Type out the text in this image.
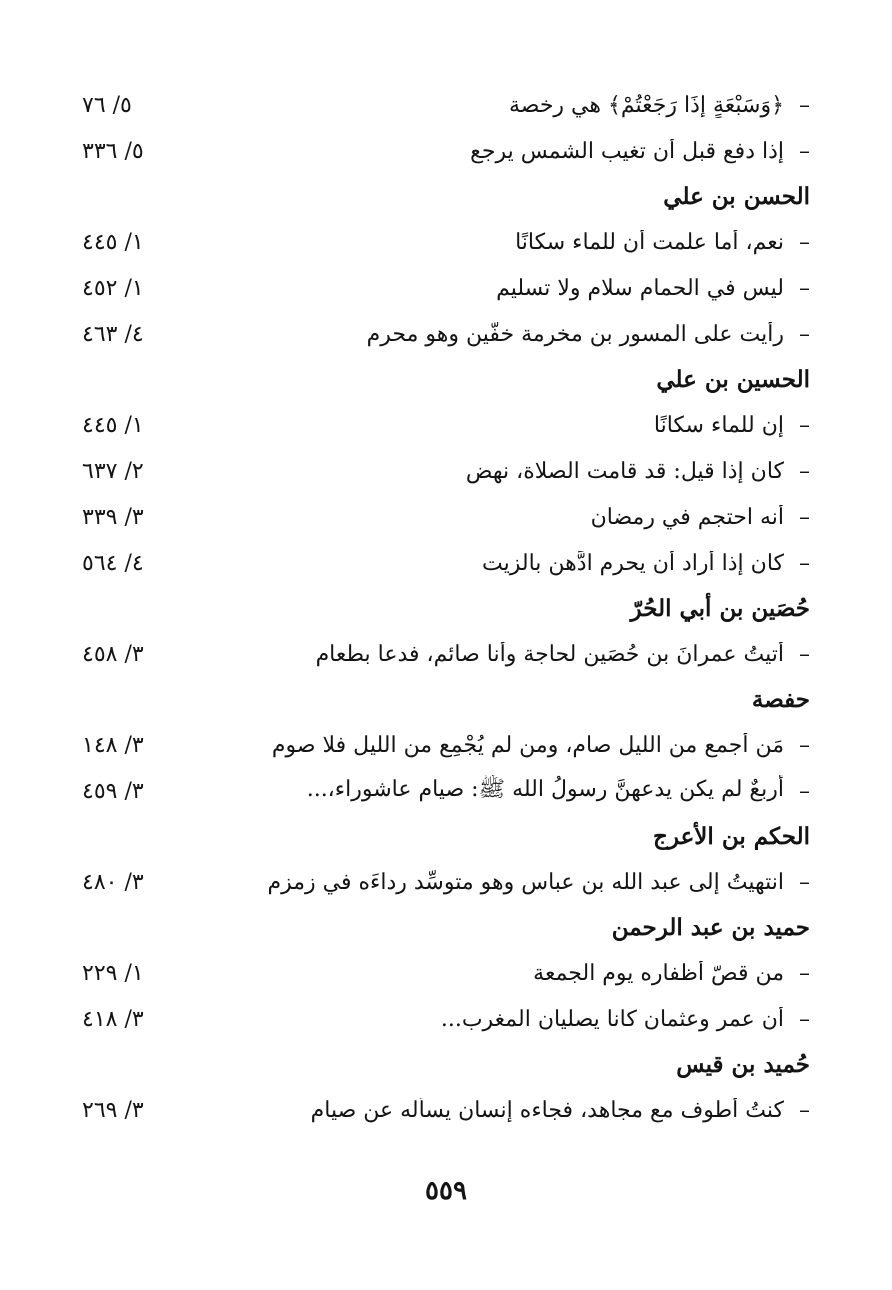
–
﴿وَسَبْعَةٍ إِذَا رَجَعْتُمْ﴾ هي رخصة
٥/ ٧٦
–
إذا دفع قبل أن تغيب الشمس يرجع
٥/ ٣٣٦
الحسن بن علي
–
نعم، أما علمت أن للماء سكانًا
١/ ٤٤٥
–
ليس في الحمام سلام ولا تسليم
١/ ٤٥٢
–
رأيت على المسور بن مخرمة خفَّين وهو محرم
٤/ ٤٦٣
الحسين بن علي
–
إن للماء سكانًا
١/ ٤٤٥
–
كان إذا قيل: قد قامت الصلاة، نهض
٢/ ٦٣٧
–
أنه احتجم في رمضان
٣/ ٣٣٩
–
كان إذا أراد أن يحرم ادَّهن بالزيت
٤/ ٥٦٤
حُصَين بن أبي الحُرّ
–
أتيتُ عمرانَ بن حُصَين لحاجة وأنا صائم، فدعا بطعام
٣/ ٤٥٨
حفصة
–
مَن أجمع من الليل صام، ومن لم يُجْمِع من الليل فلا صوم
٣/ ١٤٨
–
أربعٌ لم يكن يدعهنَّ رسولُ الله ﷺ: صيام عاشوراء،...
٣/ ٤٥٩
الحكم بن الأعرج
–
انتهيتُ إلى عبد الله بن عباس وهو متوسِّد رداءَه في زمزم
٣/ ٤٨٠
حميد بن عبد الرحمن
–
من قصّ أظفاره يوم الجمعة
١/ ٢٢٩
–
أن عمر وعثمان كانا يصليان المغرب...
٣/ ٤١٨
حُميد بن قيس
–
كنتُ أطوف مع مجاهد، فجاءه إنسان يسأله عن صيام
٣/ ٢٦٩
٥٥٩
